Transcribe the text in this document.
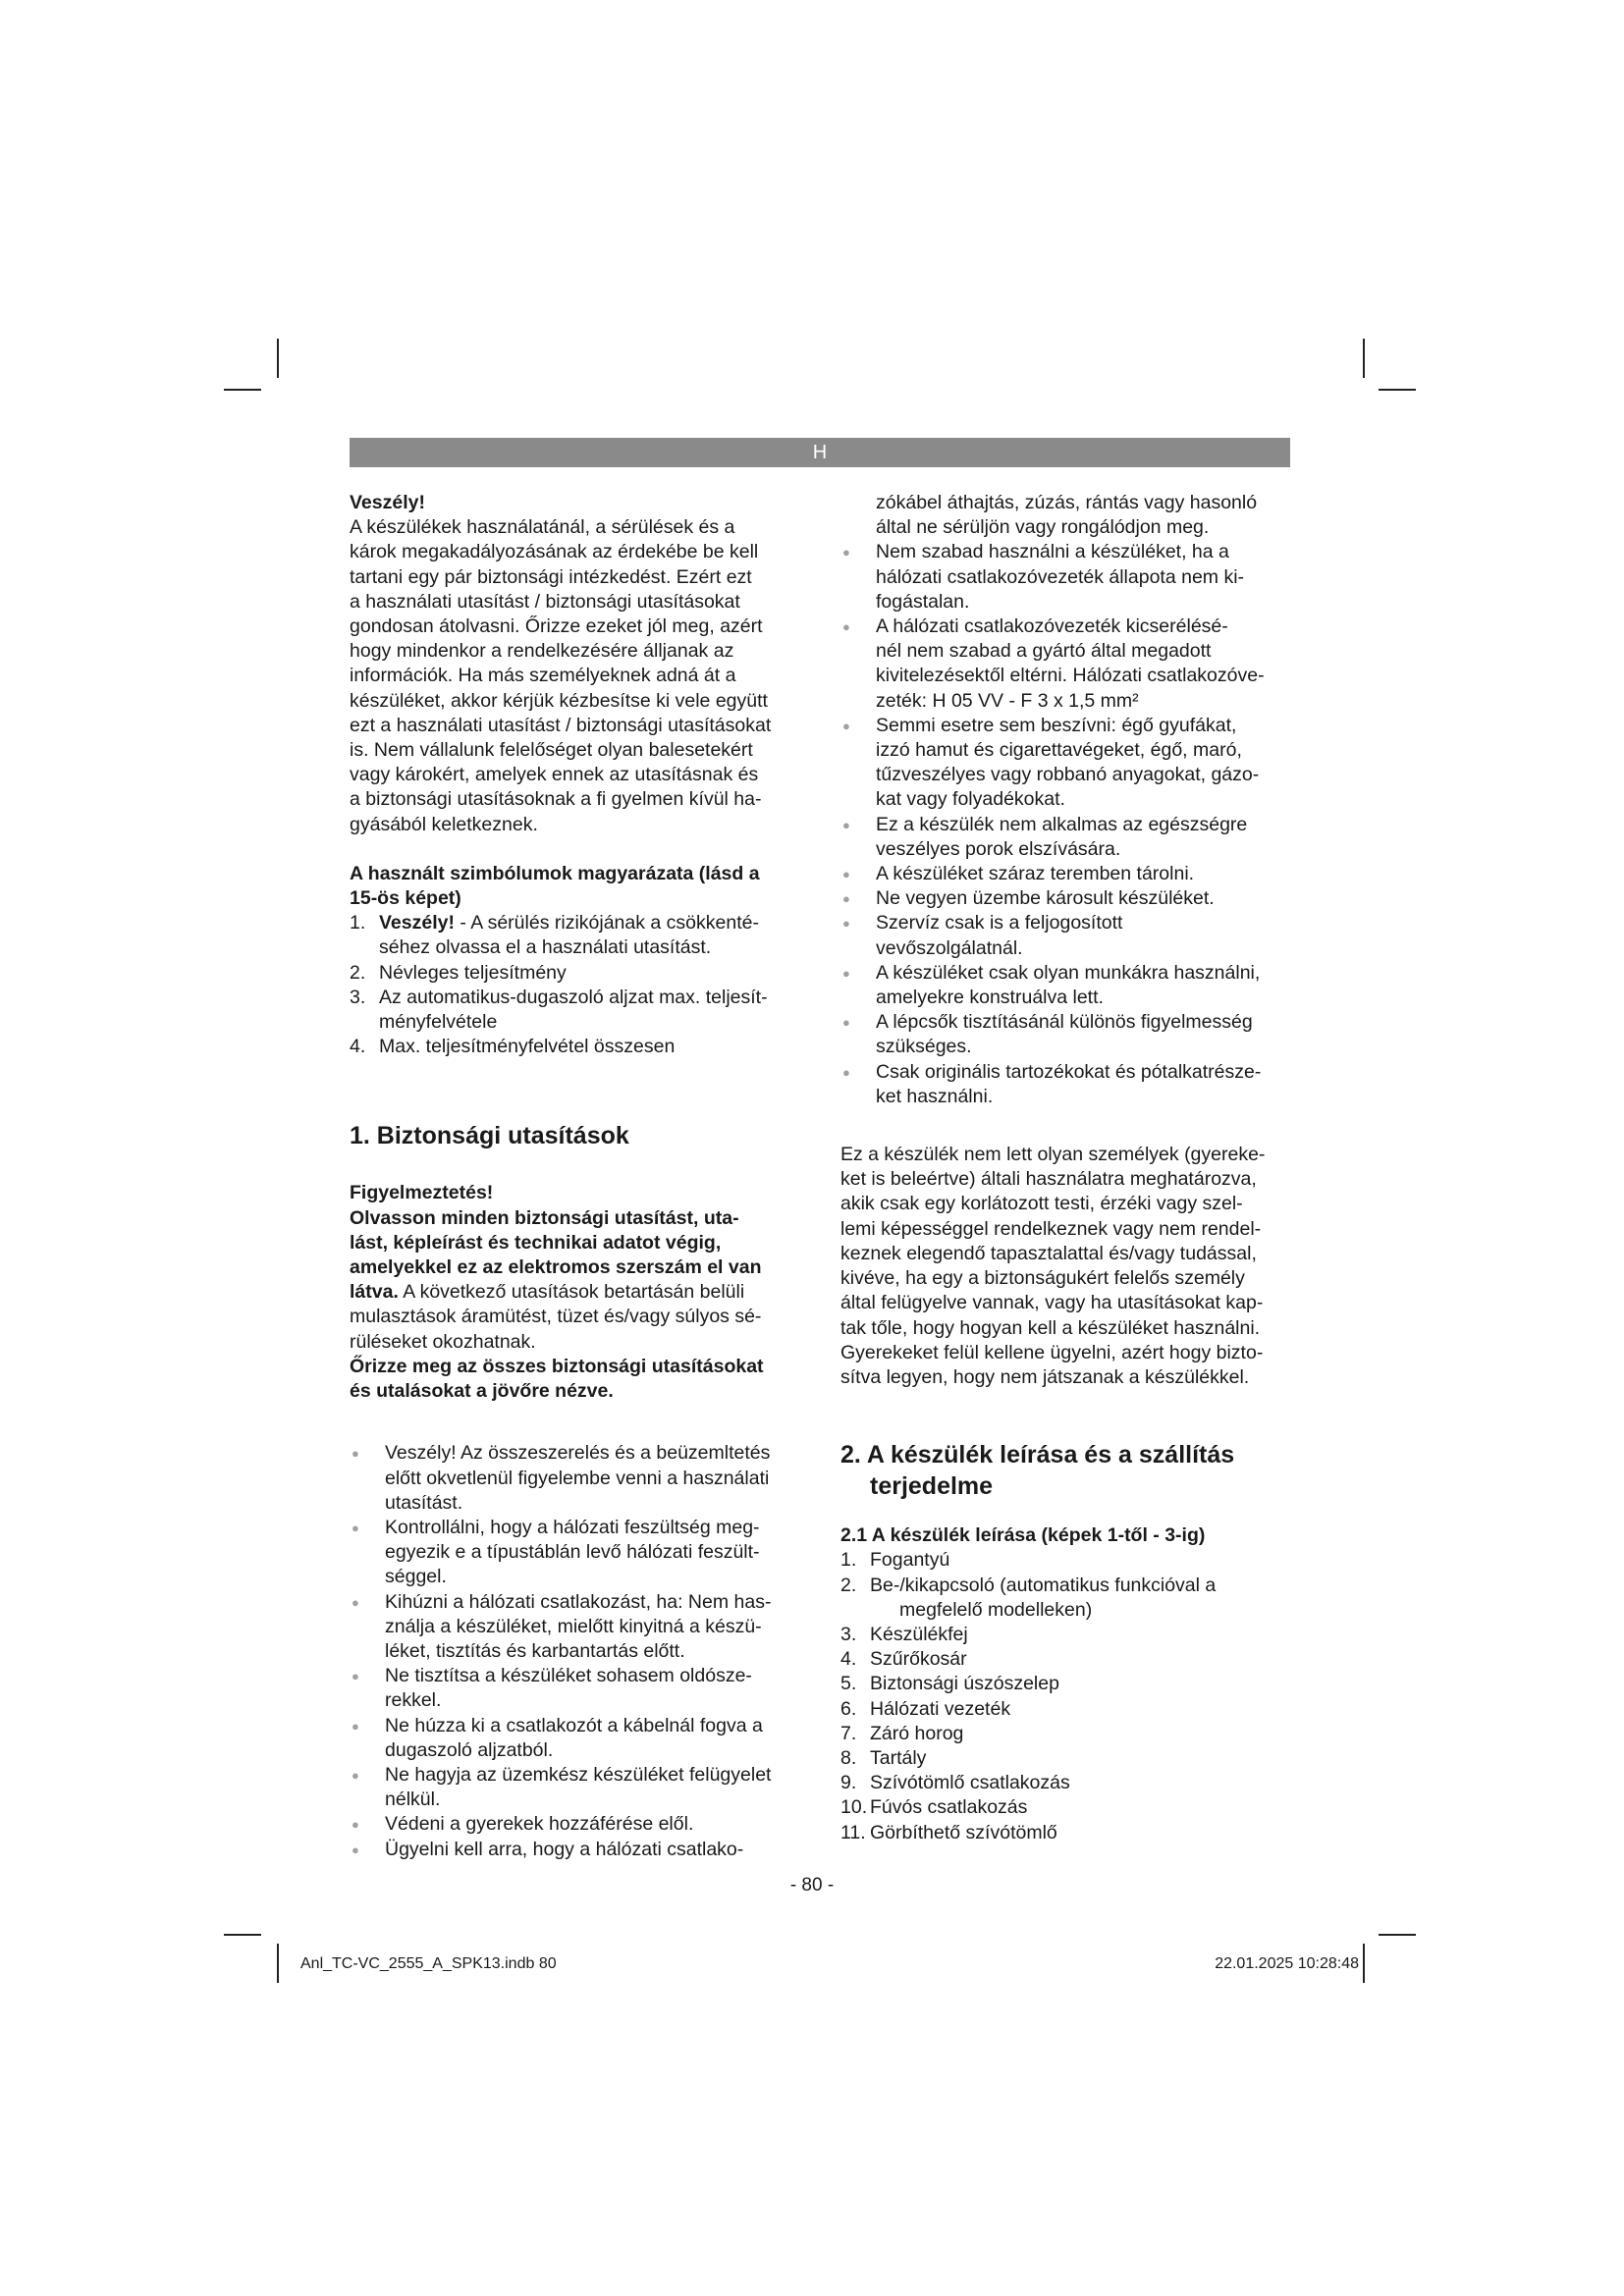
H

Veszély!

A készülékek használatánál, a sérülések és a

károk megakadályozásának az érdekébe be kell

tartani egy pár biztonsági intézkedést. Ezért ezt

a használati utasítást / biztonsági utasításokat

gondosan átolvasni. Őrizze ezeket jól meg, azért

hogy mindenkor a rendelkezésére álljanak az

információk. Ha más személyeknek adná át a

készüléket, akkor kérjük kézbesítse ki vele együtt

ezt a használati utasítást / biztonsági utasításokat

is. Nem vállalunk felelőséget olyan balesetekért

vagy károkért, amelyek ennek az utasításnak és

a biztonsági utasításoknak a fi gyelmen kívül ha-

gyásából keletkeznek.

A használt szimbólumok magyarázata (lásd a

15-ös képet)

1. Veszély! - A sérülés rizikójának a csökkenté-

séhez olvassa el a használati utasítást.

2. Névleges teljesítmény

3. Az automatikus-dugaszoló aljzat max. teljesít-

ményfelvétele

4. Max. teljesítményfelvétel összesen

1. Biztonsági utasítások

Figyelmeztetés!

Olvasson minden biztonsági utasítást, uta-

lást, képleírást és technikai adatot végig,

amelyekkel ez az elektromos szerszám el van

látva. A következő utasítások betartásán belüli

mulasztások áramütést, tüzet és/vagy súlyos sé-

rüléseket okozhatnak.

Őrizze meg az összes biztonsági utasításokat

és utalásokat a jövőre nézve.

● Veszély! Az összeszerelés és a beüzemltetés

előtt okvetlenül figyelembe venni a használati

utasítást.

● Kontrollálni, hogy a hálózati feszültség meg-

egyezik e a típustáblán levő hálózati feszült-

séggel.

● Kihúzni a hálózati csatlakozást, ha: Nem has-

ználja a készüléket, mielőtt kinyitná a készü-

léket, tisztítás és karbantartás előtt.

● Ne tisztítsa a készüléket sohasem oldósze-

rekkel.

● Ne húzza ki a csatlakozót a kábelnál fogva a

dugaszoló aljzatból.

● Ne hagyja az üzemkész készüléket felügyelet

nélkül.

● Védeni a gyerekek hozzáférése elől.

● Ügyelni kell arra, hogy a hálózati csatlako-

zókábel áthajtás, zúzás, rántás vagy hasonló

által ne sérüljön vagy rongálódjon meg.

● Nem szabad használni a készüléket, ha a

hálózati csatlakozóvezeték állapota nem ki-

fogástalan.

● A hálózati csatlakozóvezeték kicserélésé-

nél nem szabad a gyártó által megadott

kivitelezésektől eltérni. Hálózati csatlakozóve-

zeték: H 05 VV - F 3 x 1,5 mm²

● Semmi esetre sem beszívni: égő gyufákat,

izzó hamut és cigarettavégeket, égő, maró,

tűzveszélyes vagy robbanó anyagokat, gázo-

kat vagy folyadékokat.

● Ez a készülék nem alkalmas az egészségre

veszélyes porok elszívására.

● A készüléket száraz teremben tárolni.

● Ne vegyen üzembe károsult készüléket.

● Szervíz csak is a feljogosított

vevőszolgálatnál.

● A készüléket csak olyan munkákra használni,

amelyekre konstruálva lett.

● A lépcsők tisztításánál különös figyelmesség

szükséges.

● Csak originális tartozékokat és pótalkatrésze-

ket használni.

Ez a készülék nem lett olyan személyek (gyereke-

ket is beleértve) általi használatra meghatározva,

akik csak egy korlátozott testi, érzéki vagy szel-

lemi képességgel rendelkeznek vagy nem rendel-

keznek elegendő tapasztalattal és/vagy tudással,

kivéve, ha egy a biztonságukért felelős személy

által felügyelve vannak, vagy ha utasításokat kap-

tak tőle, hogy hogyan kell a készüléket használni.

Gyerekeket felül kellene ügyelni, azért hogy bizto-

sítva legyen, hogy nem játszanak a készülékkel.

2. A készülék leírása és a szállítás

terjedelme

2.1 A készülék leírása (képek 1-től - 3-ig)

1. Fogantyú

2. Be-/kikapcsoló (automatikus funkcióval a

megfelelő modelleken)

3. Készülékfej

4. Szűrőkosár

5. Biztonsági úszószelep

6. Hálózati vezeték

7. Záró horog

8. Tartály

9. Szívótömlő csatlakozás

10. Fúvós csatlakozás

11. Görbíthető szívótömlő

- 80 -
Anl_TC-VC_2555_A_SPK13.indb 80	22.01.2025 10:28:48
